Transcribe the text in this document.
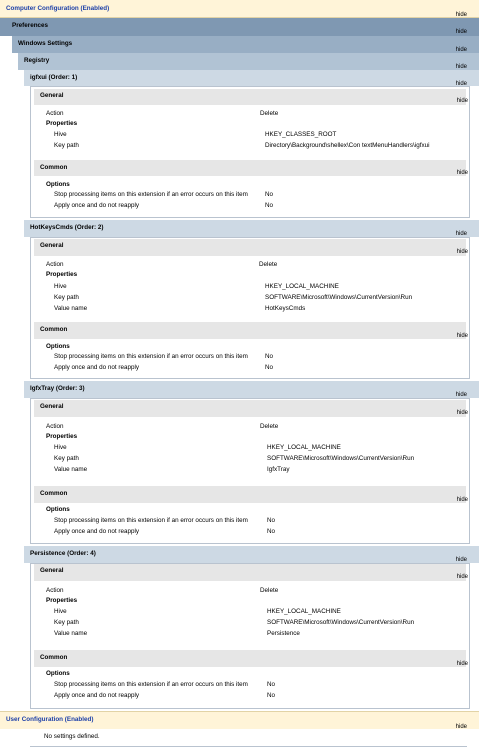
Computer Configuration (Enabled)
hide
Preferences
hide
Windows Settings
hide
Registry
hide
igfxui (Order: 1)
hide
General
hide
Action	Delete
Properties
Hive	HKEY_CLASSES_ROOT
Key path	Directory\Background\shellex\Con textMenuHandlers\igfxui
Common
hide
Options
Stop processing items on this extension if an error occurs on this item	No
Apply once and do not reapply	No
HotKeysCmds (Order: 2)
hide
General
hide
Action	Delete
Properties
Hive	HKEY_LOCAL_MACHINE
Key path	SOFTWARE\Microsoft\Windows\CurrentVersion\Run
Value name	HotKeysCmds
Common
hide
Options
Stop processing items on this extension if an error occurs on this item	No
Apply once and do not reapply	No
IgfxTray (Order: 3)
hide
General
hide
Action	Delete
Properties
Hive	HKEY_LOCAL_MACHINE
Key path	SOFTWARE\Microsoft\Windows\CurrentVersion\Run
Value name	IgfxTray
Common
hide
Options
Stop processing items on this extension if an error occurs on this item	No
Apply once and do not reapply	No
Persistence (Order: 4)
hide
General
hide
Action	Delete
Properties
Hive	HKEY_LOCAL_MACHINE
Key path	SOFTWARE\Microsoft\Windows\CurrentVersion\Run
Value name	Persistence
Common
hide
Options
Stop processing items on this extension if an error occurs on this item	No
Apply once and do not reapply	No
User Configuration (Enabled)
hide
No settings defined.
